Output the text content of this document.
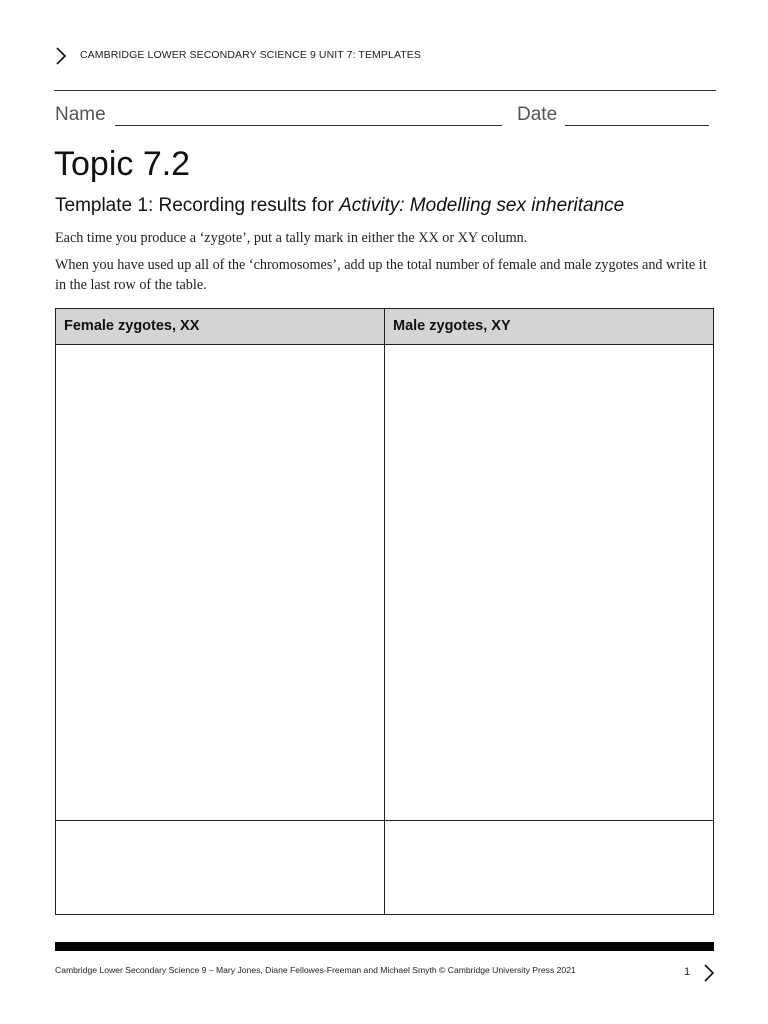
CAMBRIDGE LOWER SECONDARY SCIENCE 9 UNIT 7: TEMPLATES
Name	Date
Topic 7.2
Template 1: Recording results for Activity: Modelling sex inheritance
Each time you produce a ‘zygote’, put a tally mark in either the XX or XY column.
When you have used up all of the ‘chromosomes’, add up the total number of female and male zygotes and write it in the last row of the table.
Female zygotes, XX	Male zygotes, XY
Cambridge Lower Secondary Science 9 – Mary Jones, Diane Fellowes-Freeman and Michael Smyth © Cambridge University Press 2021	1
